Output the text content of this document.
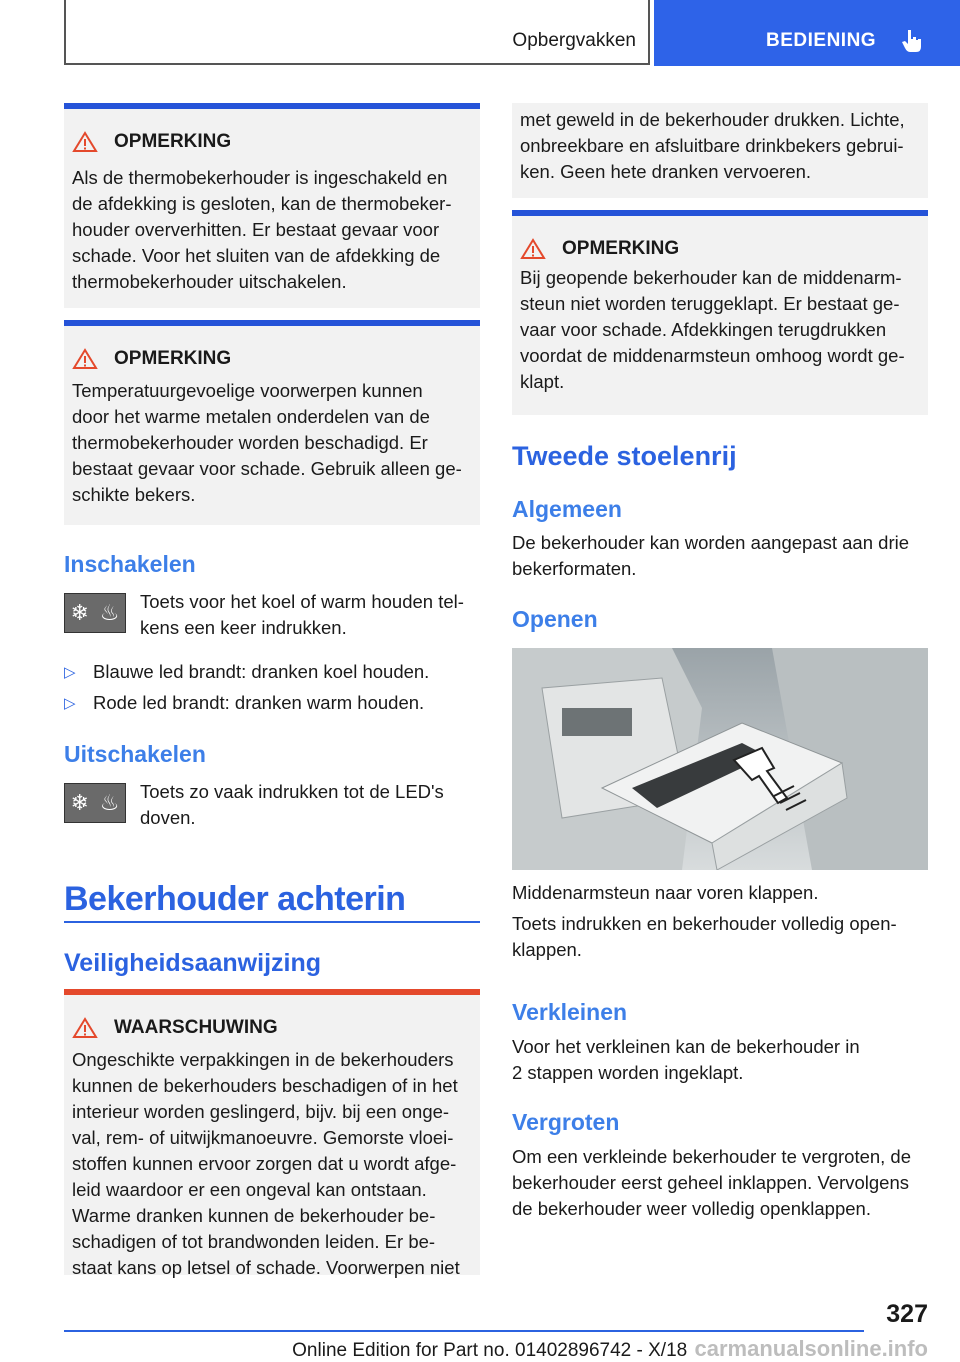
Opbergvakken	BEDIENING
OPMERKING
Als de thermobekerhouder is ingeschakeld en
de afdekking is gesloten, kan de thermobeker-
houder oververhitten. Er bestaat gevaar voor
schade. Voor het sluiten van de afdekking de
thermobekerhouder uitschakelen.
OPMERKING
Temperatuurgevoelige voorwerpen kunnen
door het warme metalen onderdelen van de
thermobekerhouder worden beschadigd. Er
bestaat gevaar voor schade. Gebruik alleen ge-
schikte bekers.
Inschakelen
❄ ♨ Toets voor het koel of warm houden tel-
kens een keer indrukken.
▷ Blauwe led brandt: dranken koel houden.
▷ Rode led brandt: dranken warm houden.
Uitschakelen
❄ ♨ Toets zo vaak indrukken tot de LED's
doven.
Bekerhouder achterin
Veiligheidsaanwijzing
WAARSCHUWING
Ongeschikte verpakkingen in de bekerhouders
kunnen de bekerhouders beschadigen of in het
interieur worden geslingerd, bijv. bij een onge-
val, rem- of uitwijkmanoeuvre. Gemorste vloei-
stoffen kunnen ervoor zorgen dat u wordt afge-
leid waardoor er een ongeval kan ontstaan.
Warme dranken kunnen de bekerhouder be-
schadigen of tot brandwonden leiden. Er be-
staat kans op letsel of schade. Voorwerpen niet
met geweld in de bekerhouder drukken. Lichte,
onbreekbare en afsluitbare drinkbekers gebrui-
ken. Geen hete dranken vervoeren.
OPMERKING
Bij geopende bekerhouder kan de middenarm-
steun niet worden teruggeklapt. Er bestaat ge-
vaar voor schade. Afdekkingen terugdrukken
voordat de middenarmsteun omhoog wordt ge-
klapt.
Tweede stoelenrij
Algemeen
De bekerhouder kan worden aangepast aan drie
bekerformaten.
Openen
Middenarmsteun naar voren klappen.
Toets indrukken en bekerhouder volledig open-
klappen.
Verkleinen
Voor het verkleinen kan de bekerhouder in
2 stappen worden ingeklapt.
Vergroten
Om een verkleinde bekerhouder te vergroten, de
bekerhouder eerst geheel inklappen. Vervolgens
de bekerhouder weer volledig openklappen.
327
Online Edition for Part no. 01402896742 - X/18 carmanualsonline.info
